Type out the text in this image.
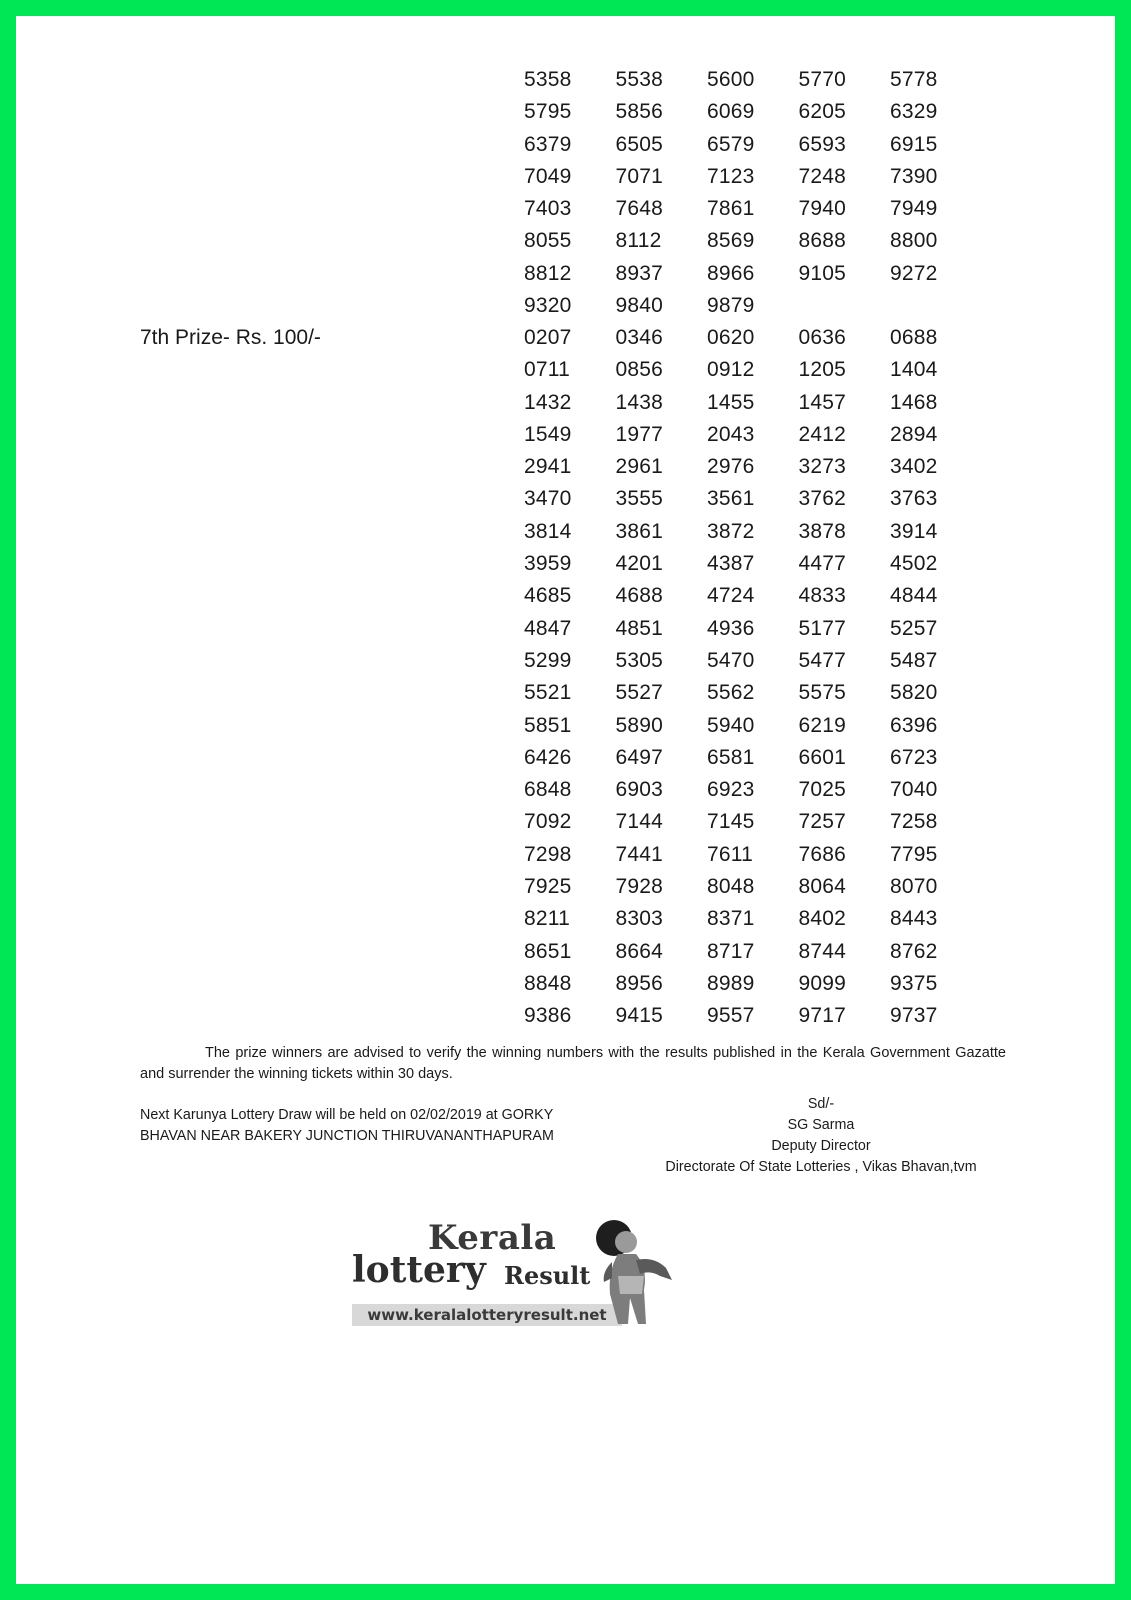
5358	5538	5600	5770	5778
5795	5856	6069	6205	6329
6379	6505	6579	6593	6915
7049	7071	7123	7248	7390
7403	7648	7861	7940	7949
8055	8112	8569	8688	8800
8812	8937	8966	9105	9272
9320	9840	9879
7th Prize- Rs. 100/-	0207	0346	0620	0636	0688
0711	0856	0912	1205	1404
1432	1438	1455	1457	1468
1549	1977	2043	2412	2894
2941	2961	2976	3273	3402
3470	3555	3561	3762	3763
3814	3861	3872	3878	3914
3959	4201	4387	4477	4502
4685	4688	4724	4833	4844
4847	4851	4936	5177	5257
5299	5305	5470	5477	5487
5521	5527	5562	5575	5820
5851	5890	5940	6219	6396
6426	6497	6581	6601	6723
6848	6903	6923	7025	7040
7092	7144	7145	7257	7258
7298	7441	7611	7686	7795
7925	7928	8048	8064	8070
8211	8303	8371	8402	8443
8651	8664	8717	8744	8762
8848	8956	8989	9099	9375
9386	9415	9557	9717	9737
The prize winners are advised to verify the winning numbers with the results published in the Kerala Government Gazatte and surrender the winning tickets within 30 days.
Next Karunya Lottery Draw will be held on 02/02/2019 at GORKY
BHAVAN NEAR BAKERY JUNCTION THIRUVANANTHAPURAM
Sd/-
SG Sarma
Deputy Director
Directorate Of State Lotteries , Vikas Bhavan,tvm
Kerala
lottery Result
www.keralalotteryresult.net
